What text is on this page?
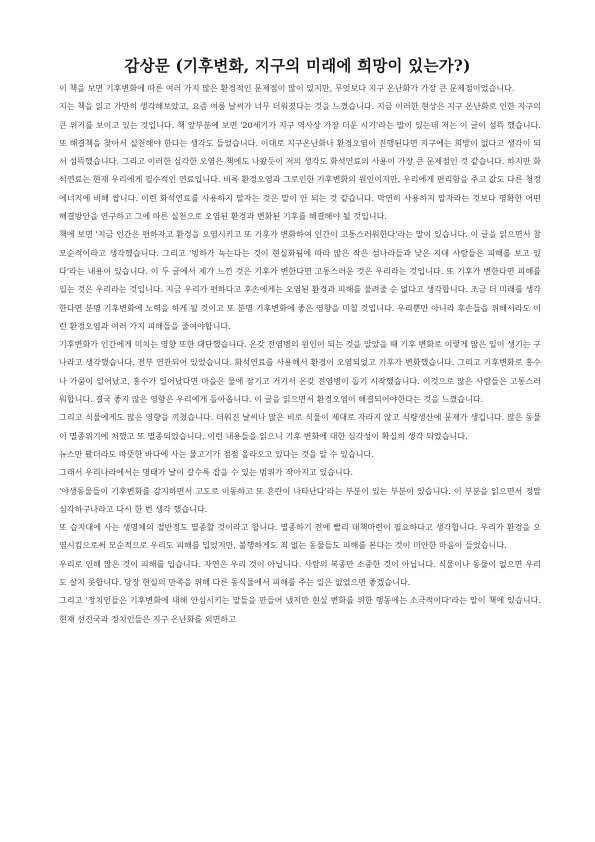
감상문 (기후변화, 지구의 미래에 희망이 있는가?)

이 책을 보면 기후변화에 따른 여러 가지 많은 환경적인 문제점이 많이 있지만, 무엇보다 지구 온난화가 가장 큰 문제점이었습니다.

지는 책을 읽고 가만히 생각해보았고, 요즘 여름 날씨가 너무 더워졌다는 것을 느꼈습니다. 지금 이러한 현상은 지구 온난화로 인한 지구의 큰 위기를 보이고 있는 것입니다. 책 앞부분에 보면 '20세기가 지구 역사상 가장 더운 시기'라는 말이 있는데 저는 이 글이 섬뜩 했습니다. 또 해결책을 찾아서 실천해야 한다는 생각도 들었습니다. 이대로 지구온난화나 환경오염이 진행된다면 지구에는 희망이 없다고 생각이 되서 섬뜩했습니다. 그리고 이러한 심각한 오염은 책에도 나왔듯이 저의 생각도 화석연료의 사용이 가장 큰 문제점인 것 같습니다. 하지만 화석연료는 현재 우리에게 필수적인 연료입니다. 비록 환경오염과 그로인한 기후변화의 원인이지만, 우리에게 편리함을 주고 값도 다른 청정에너지에 비해 쌉니다. 이런 화석연료를 사용하지 말자는 것은 말이 안 되는 것 같습니다. 막연히 사용하지 말자라는 것보다 명확한 어떤 해결방안을 연구하고 그에 따른 실천으로 오염된 환경과 변화된 기후를 해결해야 될 것입니다.

책에 보면 '지금 인간은 편하자고 환경을 오염시키고 또 기후가 변화하여 인간이 고통스러워한다'라는 말이 있습니다. 이 글을 읽으면서 참 모순적이라고 생각했습니다. 그리고 '빙하가 녹는다는 것이 현실화됨에 따라 많은 작은 섬나라들과 낮은 지대 사람들은 피해를 보고 있다'라는 내용이 있습니다. 이 두 글에서 제가 느낀 것은 기후가 변한다면 고통스러운 것은 우리라는 것입니다. 또 기후가 변한다면 피해를 입는 것은 우리라는 것입니다. 지금 우리가 편하다고 후손에게는 오염된 환경과 피해를 물려줄 순 없다고 생각합니다. 조금 더 미래를 생각한다면 분명 기후변화에 노력을 하게 될 것이고 또 분명 기후변화에 좋은 영향을 미칠 것입니다. 우리뿐만 아니라 후손들을 위해서라도 이런 환경오염과 여러 가지 피해들을 줄여야합니다.

기후변화가 인간에게 미치는 영향 또한 대단했습니다. 온갖 전염병의 원인이 되는 것을 알았을 때 기후 변화로 이렇게 많은 일이 생기는 구나라고 생각했습니다. 전부 연관되어 있었습니다. 화석연료를 사용해서 환경이 오염되었고 기후가 변화했습니다. 그리고 기후변화로 홍수나 가뭄이 일어났고, 홍수가 일어났다면 마을은 물에 잠기고 거기서 온갖 전염병이 돌기 시작했습니다. 이것으로 많은 사람들은 고통스러워합니다. 결국 좋지 않은 영향은 우리에게 돌아옵니다. 이 글을 읽으면서 환경오염이 해결되어야한다는 것을 느꼈습니다.

그리고 식물에게도 많은 영향을 끼쳤습니다. 더워진 날씨나 많은 비로 식물이 제대로 자라지 않고 식량생산에 문제가 생깁니다. 많은 동물이 멸종위기에 처했고 또 멸종되었습니다. 이런 내용들을 읽으니 기후 변화에 대한 심각성이 확실히 생각 되었습니다.

뉴스만 봤더라도 따뜻한 바다에 사는 물고기가 점점 올라오고 있다는 것을 알 수 있습니다.

그래서 우리나라에서는 명태가 날이 갈수록 잡을 수 있는 범위가 작아지고 있습니다.

'야생동물들이 기후변화를 감지하면서 고도로 이동하고 또 혼란이 나타난다'라는 부분이 있는 부분이 있습니다. 이 부분을 읽으면서 정말 심각하구나라고 다시 한 번 생각 했습니다.

또 습지대에 사는 생명체의 절반정도 멸종할 것이라고 합니다. 멸종하기 전에 빨리 대책마련이 필요하다고 생각합니다. 우리가 환경을 오염시킴으로써 모순적으로 우리도 피해를 입었지만, 불행하게도 죄 없는 동물들도 피해를 본다는 것이 미안한 마음이 들었습니다.

우리로 인해 많은 것이 피해를 입습니다. 자연은 우리 것이 아닙니다. 사람의 복종만 소중한 것이 아닙니다. 식물이나 동물이 없으면 우리도 살지 못합니다. 당장 현실의 만족을 위해 다른 동식물에서 피해를 주는 일은 없었으면 좋겠습니다.

그리고 '정치인들은 기후변화에 대해 안심시키는 말들을 만들어 냈지만 현실 변화를 위한 행동에는 소극적이다'라는 말이 책에 있습니다. 현재 선진국과 정치인들은 지구 온난화를 외면하고
